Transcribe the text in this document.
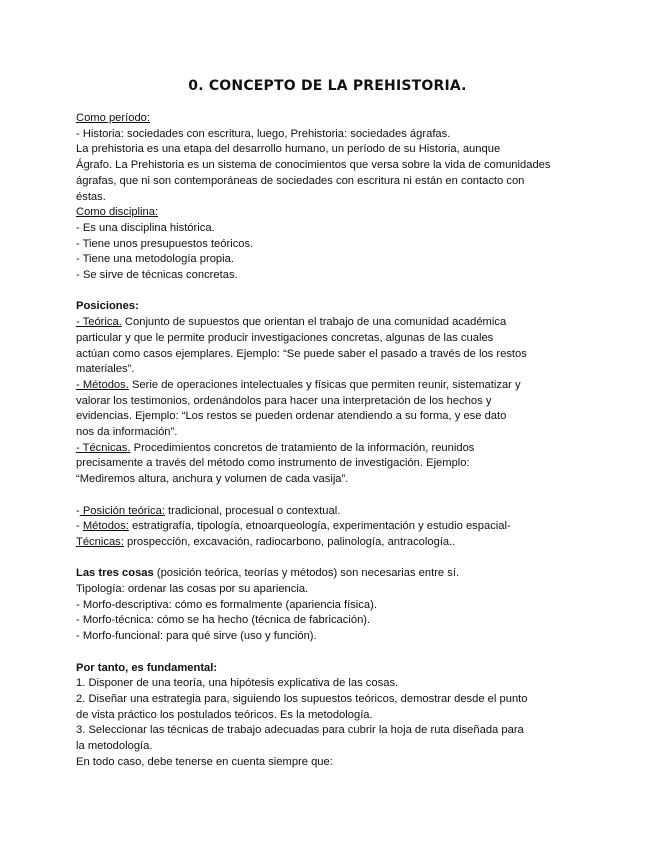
0. CONCEPTO DE LA PREHISTORIA.

Como período:

- Historia: sociedades con escritura, luego, Prehistoria: sociedades ágrafas.

La prehistoria es una etapa del desarrollo humano, un período de su Historia, aunque

Ágrafo. La Prehistoria es un sistema de conocimientos que versa sobre la vida de comunidades

ágrafas, que ni son contemporáneas de sociedades con escritura ni están en contacto con

éstas.

Como disciplina:

- Es una disciplina histórica.

- Tiene unos presupuestos teóricos.

- Tiene una metodología propia.

- Se sirve de técnicas concretas.

Posiciones:

- Teórica. Conjunto de supuestos que orientan el trabajo de una comunidad académica

particular y que le permite producir investigaciones concretas, algunas de las cuales

actúan como casos ejemplares. Ejemplo: “Se puede saber el pasado a través de los restos

materiales”.

- Métodos. Serie de operaciones intelectuales y físicas que permiten reunir, sistematizar y

valorar los testimonios, ordenándolos para hacer una interpretación de los hechos y

evidencias. Ejemplo: “Los restos se pueden ordenar atendiendo a su forma, y ese dato

nos da información”.

- Técnicas. Procedimientos concretos de tratamiento de la información, reunidos

precisamente a través del método como instrumento de investigación. Ejemplo:

“Mediremos altura, anchura y volumen de cada vasija”.

- Posición teórica: tradicional, procesual o contextual.

- Métodos: estratigrafía, tipología, etnoarqueología, experimentación y estudio espacial-

Técnicas: prospección, excavación, radiocarbono, palinología, antracología..

Las tres cosas (posición teórica, teorías y métodos) son necesarias entre sí.

Tipología: ordenar las cosas por su apariencia.

- Morfo-descriptiva: cómo es formalmente (apariencia física).

- Morfo-técnica: cómo se ha hecho (técnica de fabricación).

- Morfo-funcional: para qué sirve (uso y función).

Por tanto, es fundamental:

1. Disponer de una teoría, una hipótesis explicativa de las cosas.

2. Diseñar una estrategia para, siguiendo los supuestos teóricos, demostrar desde el punto

de vista práctico los postulados teóricos. Es la metodología.

3. Seleccionar las técnicas de trabajo adecuadas para cubrir la hoja de ruta diseñada para

la metodología.

En todo caso, debe tenerse en cuenta siempre que:
